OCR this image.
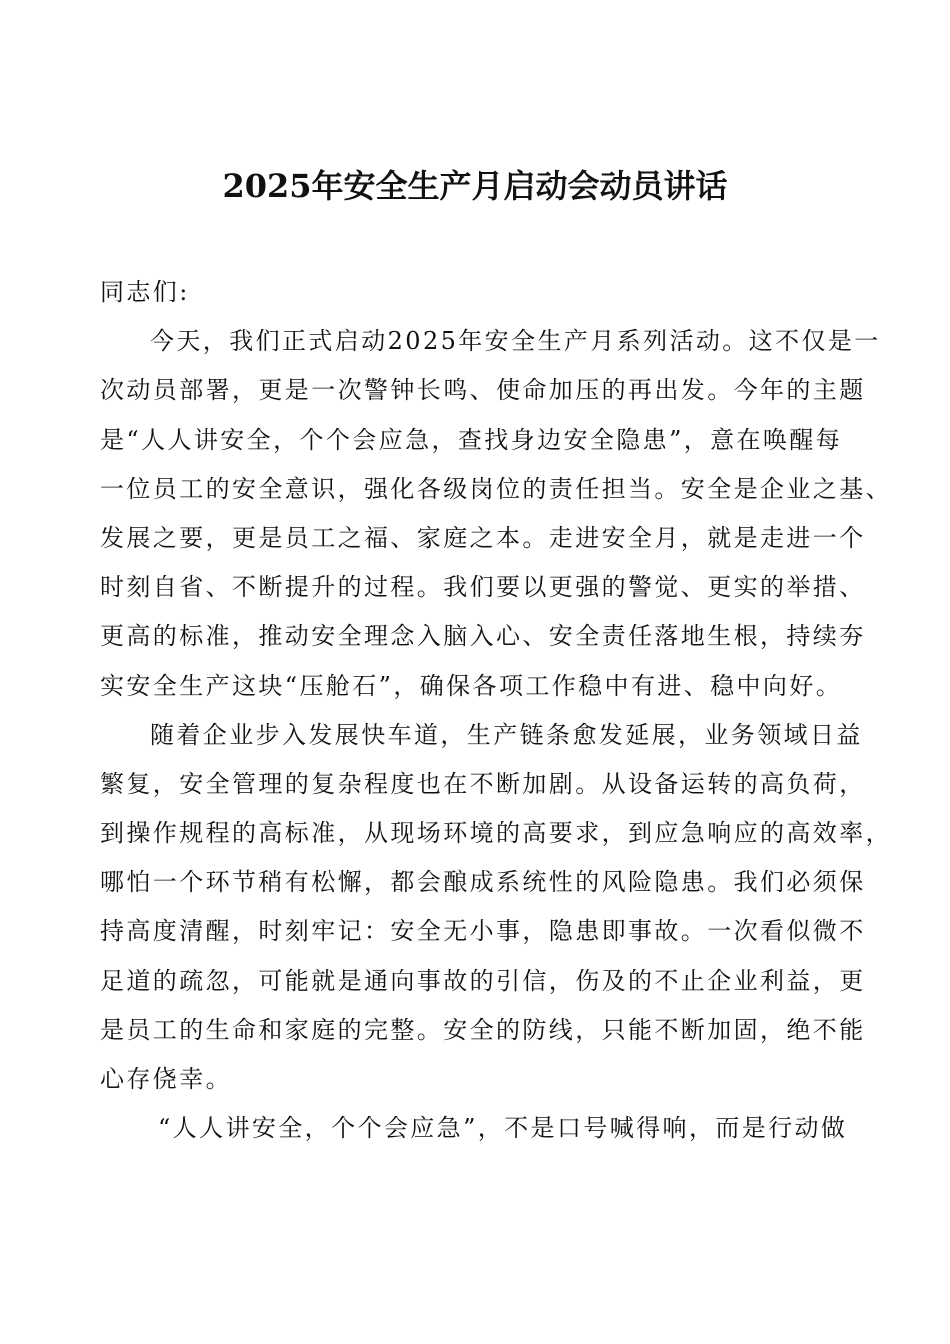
2025年安全生产月启动会动员讲话

同志们:

今天，我们正式启动2025年安全生产月系列活动。这不仅是一

次动员部署，更是一次警钟长鸣、使命加压的再出发。今年的主题

是“人人讲安全，个个会应急，查找身边安全隐患”，意在唤醒每

一位员工的安全意识，强化各级岗位的责任担当。安全是企业之基、

发展之要，更是员工之福、家庭之本。走进安全月，就是走进一个

时刻自省、不断提升的过程。我们要以更强的警觉、更实的举措、

更高的标准，推动安全理念入脑入心、安全责任落地生根，持续夯

实安全生产这块“压舱石”，确保各项工作稳中有进、稳中向好。

随着企业步入发展快车道，生产链条愈发延展，业务领域日益

繁复，安全管理的复杂程度也在不断加剧。从设备运转的高负荷，

到操作规程的高标准，从现场环境的高要求，到应急响应的高效率，

哪怕一个环节稍有松懈，都会酿成系统性的风险隐患。我们必须保

持高度清醒，时刻牢记：安全无小事，隐患即事故。一次看似微不

足道的疏忽，可能就是通向事故的引信，伤及的不止企业利益，更

是员工的生命和家庭的完整。安全的防线，只能不断加固，绝不能

心存侥幸。

“人人讲安全，个个会应急”，不是口号喊得响，而是行动做
